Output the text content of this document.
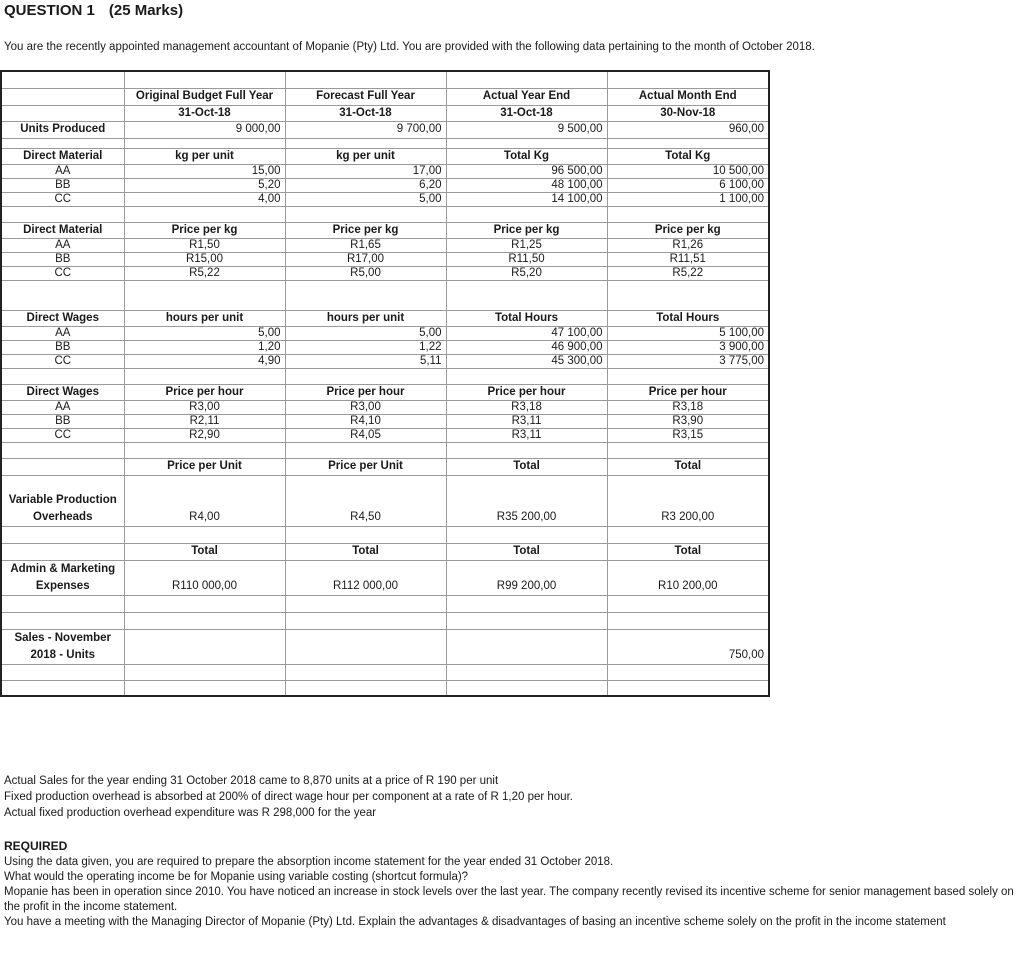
QUESTION 1 (25 Marks)
You are the recently appointed management accountant of Mopanie (Pty) Ltd. You are provided with the following data pertaining to the month of October 2018.

	Original Budget Full Year	Forecast Full Year	Actual Year End	Actual Month End
	31-Oct-18	31-Oct-18	31-Oct-18	30-Nov-18
Units Produced	9 000,00	9 700,00	9 500,00	960,00

Direct Material	kg per unit	kg per unit	Total Kg	Total Kg
AA	15,00	17,00	96 500,00	10 500,00
BB	5,20	6,20	48 100,00	6 100,00
CC	4,00	5,00	14 100,00	1 100,00

Direct Material	Price per kg	Price per kg	Price per kg	Price per kg
AA	R1,50	R1,65	R1,25	R1,26
BB	R15,00	R17,00	R11,50	R11,51
CC	R5,22	R5,00	R5,20	R5,22

Direct Wages	hours per unit	hours per unit	Total Hours	Total Hours
AA	5,00	5,00	47 100,00	5 100,00
BB	1,20	1,22	46 900,00	3 900,00
CC	4,90	5,11	45 300,00	3 775,00

Direct Wages	Price per hour	Price per hour	Price per hour	Price per hour
AA	R3,00	R3,00	R3,18	R3,18
BB	R2,11	R4,10	R3,11	R3,90
CC	R2,90	R4,05	R3,11	R3,15

	Price per Unit	Price per Unit	Total	Total
Variable Production Overheads	R4,00	R4,50	R35 200,00	R3 200,00

	Total	Total	Total	Total
Admin & Marketing Expenses	R110 000,00	R112 000,00	R99 200,00	R10 200,00

Sales - November 2018 - Units				750,00

Actual Sales for the year ending 31 October 2018 came to 8,870 units at a price of R 190 per unit
Fixed production overhead is absorbed at 200% of direct wage hour per component at a rate of R 1,20 per hour.
Actual fixed production overhead expenditure was R 298,000 for the year
REQUIRED
Using the data given, you are required to prepare the absorption income statement for the year ended 31 October 2018.
What would the operating income be for Mopanie using variable costing (shortcut formula)?
Mopanie has been in operation since 2010. You have noticed an increase in stock levels over the last year. The company recently revised its incentive scheme for senior management based solely on the profit in the income statement.
You have a meeting with the Managing Director of Mopanie (Pty) Ltd. Explain the advantages & disadvantages of basing an incentive scheme solely on the profit in the income statement
